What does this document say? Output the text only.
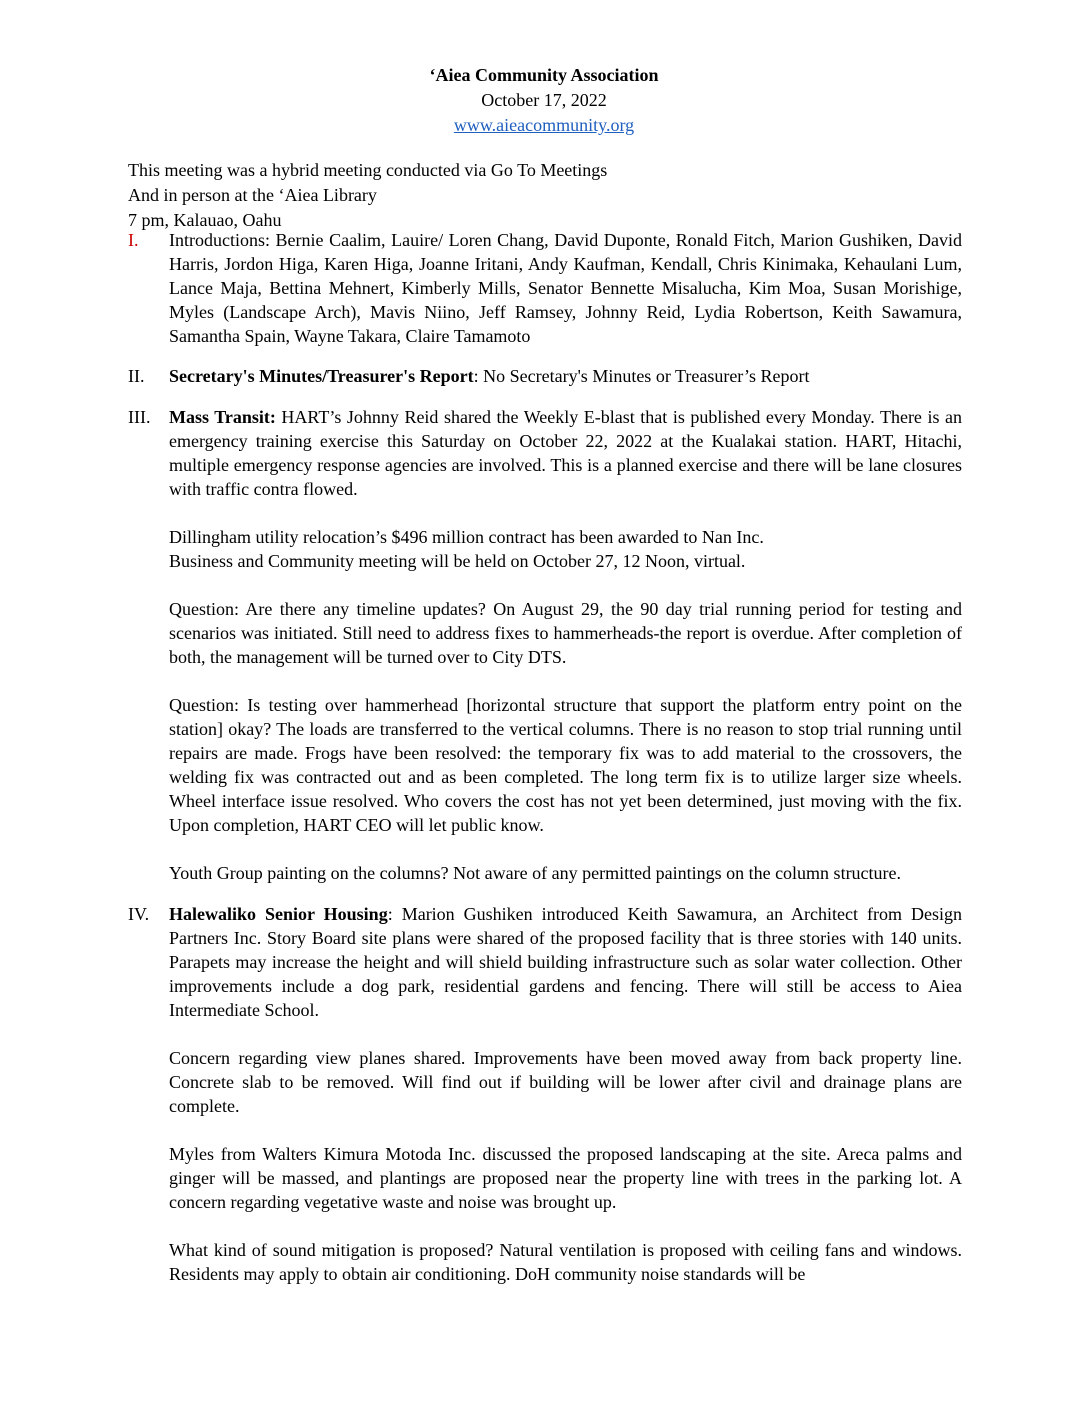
‘Aiea Community Association
October 17, 2022
www.aieacommunity.org
This meeting was a hybrid meeting conducted via Go To Meetings
And in person at the ‘Aiea Library
7 pm, Kalauao, Oahu
I. Introductions: Bernie Caalim, Lauire/ Loren Chang, David Duponte, Ronald Fitch, Marion Gushiken, David Harris, Jordon Higa, Karen Higa, Joanne Iritani, Andy Kaufman, Kendall, Chris Kinimaka, Kehaulani Lum, Lance Maja, Bettina Mehnert, Kimberly Mills, Senator Bennette Misalucha, Kim Moa, Susan Morishige, Myles (Landscape Arch), Mavis Niino, Jeff Ramsey, Johnny Reid, Lydia Robertson, Keith Sawamura, Samantha Spain, Wayne Takara, Claire Tamamoto

II. Secretary's Minutes/Treasurer's Report: No Secretary's Minutes or Treasurer’s Report

III. Mass Transit: HART’s Johnny Reid shared the Weekly E-blast that is published every Monday. There is an emergency training exercise this Saturday on October 22, 2022 at the Kualakai station. HART, Hitachi, multiple emergency response agencies are involved. This is a planned exercise and there will be lane closures with traffic contra flowed.

Dillingham utility relocation’s $496 million contract has been awarded to Nan Inc.

Business and Community meeting will be held on October 27, 12 Noon, virtual.

Question: Are there any timeline updates? On August 29, the 90 day trial running period for testing and scenarios was initiated. Still need to address fixes to hammerheads-the report is overdue. After completion of both, the management will be turned over to City DTS.

Question: Is testing over hammerhead [horizontal structure that support the platform entry point on the station] okay? The loads are transferred to the vertical columns. There is no reason to stop trial running until repairs are made. Frogs have been resolved: the temporary fix was to add material to the crossovers, the welding fix was contracted out and as been completed. The long term fix is to utilize larger size wheels. Wheel interface issue resolved. Who covers the cost has not yet been determined, just moving with the fix. Upon completion, HART CEO will let public know.

Youth Group painting on the columns? Not aware of any permitted paintings on the column structure.

IV. Halewaliko Senior Housing: Marion Gushiken introduced Keith Sawamura, an Architect from Design Partners Inc. Story Board site plans were shared of the proposed facility that is three stories with 140 units. Parapets may increase the height and will shield building infrastructure such as solar water collection. Other improvements include a dog park, residential gardens and fencing. There will still be access to Aiea Intermediate School.

Concern regarding view planes shared. Improvements have been moved away from back property line. Concrete slab to be removed. Will find out if building will be lower after civil and drainage plans are complete.

Myles from Walters Kimura Motoda Inc. discussed the proposed landscaping at the site. Areca palms and ginger will be massed, and plantings are proposed near the property line with trees in the parking lot. A concern regarding vegetative waste and noise was brought up.

What kind of sound mitigation is proposed? Natural ventilation is proposed with ceiling fans and windows. Residents may apply to obtain air conditioning. DoH community noise standards will be
